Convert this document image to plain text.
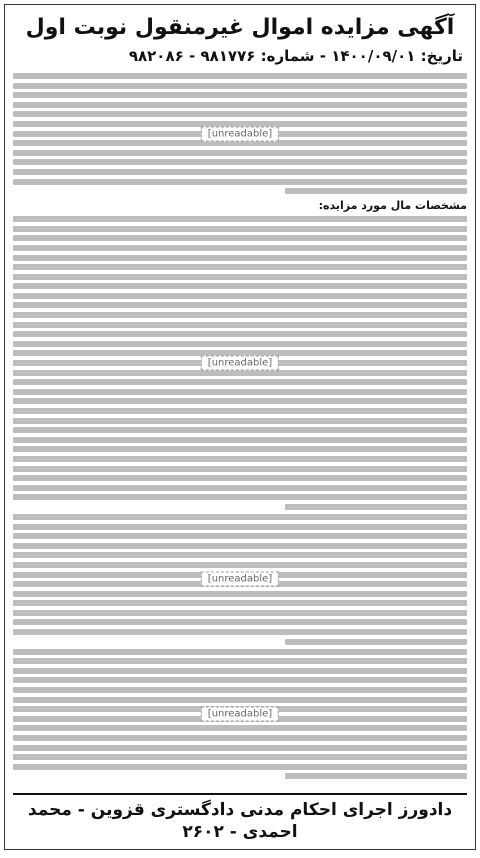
آگهی مزایده اموال غیرمنقول نوبت اول
تاریخ: ۱۴۰۰/۰۹/۰۱ - شماره: ۹۸۱۷۷۶ - ۹۸۲۰۸۶
[unreadable]
مشخصات مال مورد مزایده:
[unreadable]
[unreadable]
[unreadable]
دادورز اجرای احکام مدنی دادگستری قزوین - محمد احمدی - ۲۶۰۲
